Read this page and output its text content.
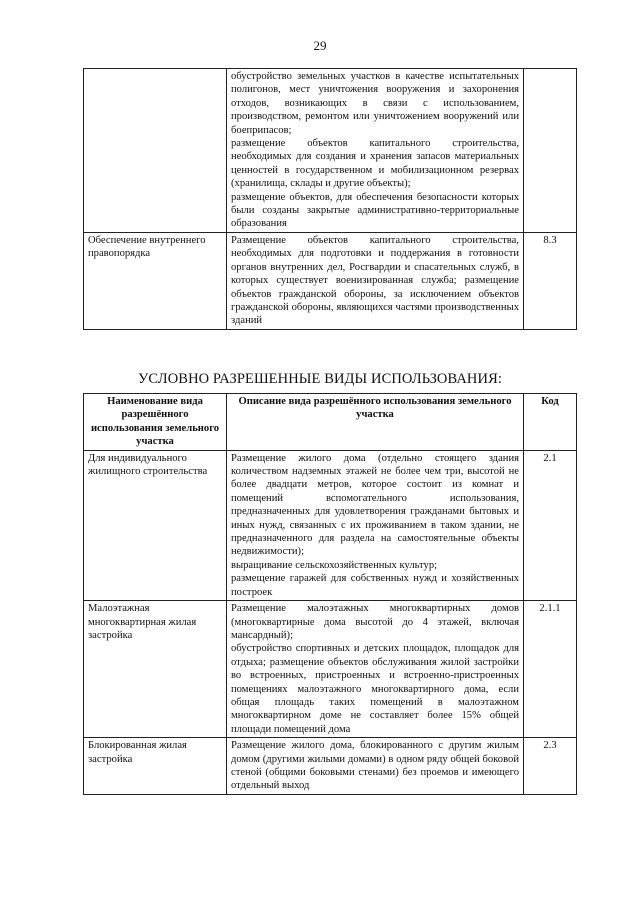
29

	обустройство земельных участков в качестве испытательных полигонов, мест уничтожения вооружения и захоронения отходов, возникающих в связи с использованием, производством, ремонтом или уничтожением вооружений или боеприпасов;
размещение объектов капитального строительства, необходимых для создания и хранения запасов материальных ценностей в государственном и мобилизационном резервах (хранилища, склады и другие объекты);
размещение объектов, для обеспечения безопасности которых были созданы закрытые административно-территориальные образования	

Обеспечение внутреннего правопорядка	Размещение объектов капитального строительства, необходимых для подготовки и поддержания в готовности органов внутренних дел, Росгвардии и спасательных служб, в которых существует военизированная служба; размещение объектов гражданской обороны, за исключением объектов гражданской обороны, являющихся частями производственных зданий	8.3
УСЛОВНО РАЗРЕШЕННЫЕ ВИДЫ ИСПОЛЬЗОВАНИЯ:
Наименование вида разрешённого использования земельного участка	Описание вида разрешённого использования земельного участка	Код
Для индивидуального жилищного строительства	Размещение жилого дома (отдельно стоящего здания количеством надземных этажей не более чем три, высотой не более двадцати метров, которое состоит из комнат и помещений вспомогательного использования, предназначенных для удовлетворения гражданами бытовых и иных нужд, связанных с их проживанием в таком здании, не предназначенного для раздела на самостоятельные объекты недвижимости);
выращивание сельскохозяйственных культур;
размещение гаражей для собственных нужд и хозяйственных построек	2.1
Малоэтажная многоквартирная жилая застройка	Размещение малоэтажных многоквартирных домов (многоквартирные дома высотой до 4 этажей, включая мансардный);
обустройство спортивных и детских площадок, площадок для отдыха; размещение объектов обслуживания жилой застройки во встроенных, пристроенных и встроенно-пристроенных помещениях малоэтажного многоквартирного дома, если общая площадь таких помещений в малоэтажном многоквартирном доме не составляет более 15% общей площади помещений дома	2.1.1
Блокированная жилая застройка	Размещение жилого дома, блокированного с другим жилым домом (другими жилыми домами) в одном ряду общей боковой стеной (общими боковыми стенами) без проемов и имеющего отдельный выход	2.3
